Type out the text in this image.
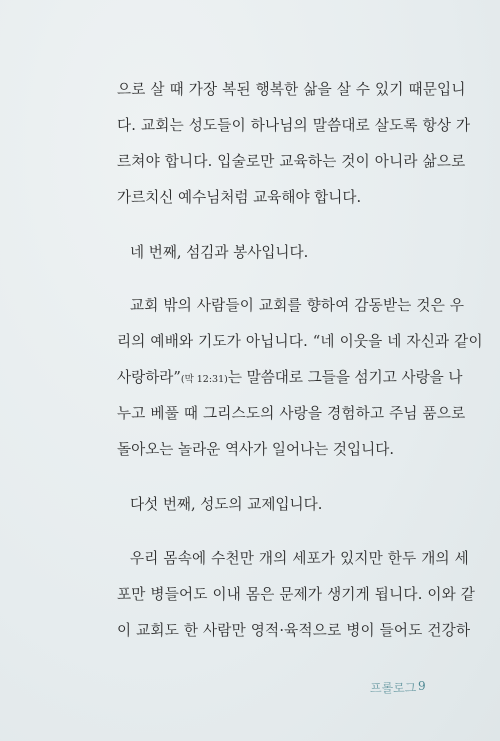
으로 살 때 가장 복된 행복한 삶을 살 수 있기 때문입니
다. 교회는 성도들이 하나님의 말씀대로 살도록 항상 가
르쳐야 합니다. 입술로만 교육하는 것이 아니라 삶으로
가르치신 예수님처럼 교육해야 합니다.
네 번째, 섬김과 봉사입니다.
교회 밖의 사람들이 교회를 향하여 감동받는 것은 우
리의 예배와 기도가 아닙니다. “네 이웃을 네 자신과 같이
사랑하라”(막 12:31)는 말씀대로 그들을 섬기고 사랑을 나
누고 베풀 때 그리스도의 사랑을 경험하고 주님 품으로
돌아오는 놀라운 역사가 일어나는 것입니다.
다섯 번째, 성도의 교제입니다.
우리 몸속에 수천만 개의 세포가 있지만 한두 개의 세
포만 병들어도 이내 몸은 문제가 생기게 됩니다. 이와 같
이 교회도 한 사람만 영적·육적으로 병이 들어도 건강하
프롤로그 9
